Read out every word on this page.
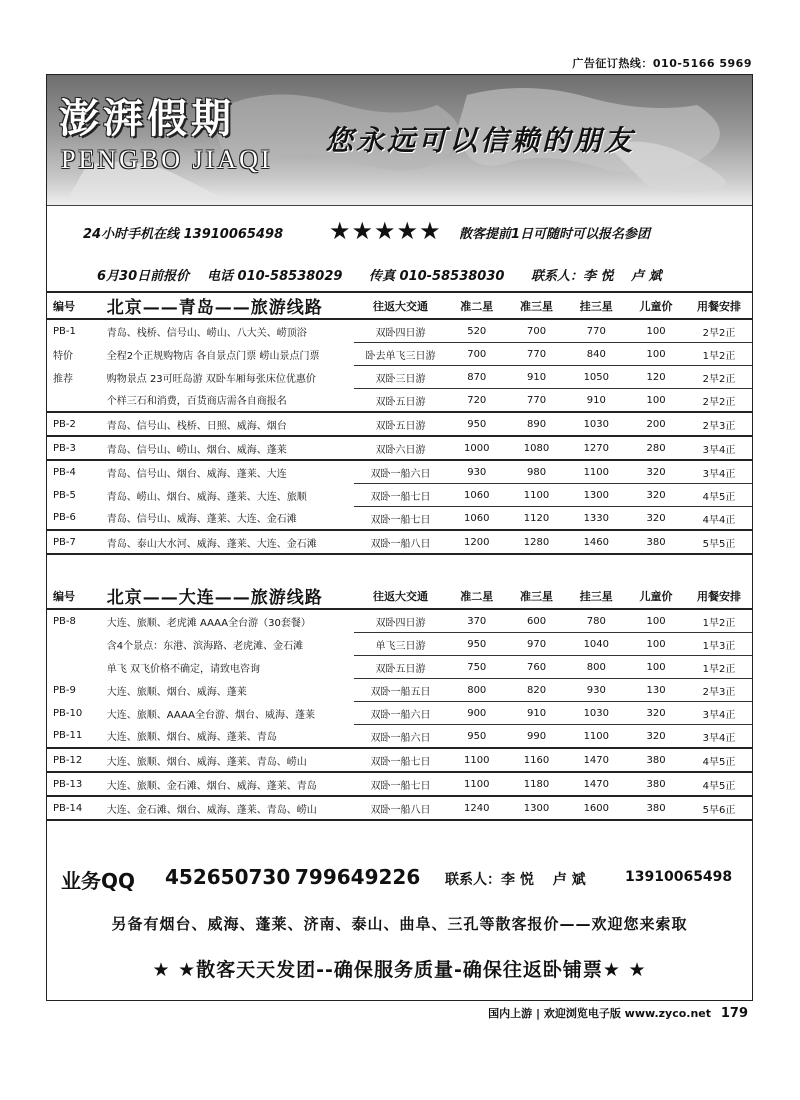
广告征订热线：010-5166 5969
澎湃假期
PENGBO JIAQI
您永远可以信赖的朋友
24小时手机在线 13910065498 ★★★★★ 散客提前1日可随时可以报名参团
6月30日前报价 电话 010-58538029 传真 010-58538030 联系人：李 悦　 卢 斌
编号	北京——青岛——旅游线路	往返大交通	准二星	准三星	挂三星	儿童价	用餐安排
PB-1	青岛、栈桥、信号山、崂山、八大关、崂顶浴	双卧四日游	520	700	770	100	2早2正
特价	全程2个正规购物店 各自景点门票 崂山景点门票	卧去单飞三日游	700	770	840	100	1早2正
推荐	购物景点 23可旺岛游 双卧车厢每张床位优惠价	双卧三日游	870	910	1050	120	2早2正
	个样三石和消费，百货商店需各自商报名	双卧五日游	720	770	910	100	2早2正
PB-2	青岛、信号山、栈桥、日照、威海、烟台	双卧五日游	950	890	1030	200	2早3正
PB-3	青岛、信号山、崂山、烟台、威海、蓬莱	双卧六日游	1000	1080	1270	280	3早4正
PB-4	青岛、信号山、烟台、威海、蓬莱、大连	双卧一船六日	930	980	1100	320	3早4正
PB-5	青岛、崂山、烟台、威海、蓬莱、大连、旅顺	双卧一船七日	1060	1100	1300	320	4早5正
PB-6	青岛、信号山、威海、蓬莱、大连、金石滩	双卧一船七日	1060	1120	1330	320	4早4正
PB-7	青岛、泰山大水河、威海、蓬莱、大连、金石滩	双卧一船八日	1200	1280	1460	380	5早5正
编号	北京——大连——旅游线路	往返大交通	准二星	准三星	挂三星	儿童价	用餐安排
PB-8	大连、旅顺、老虎滩 AAAA全台游（30套餐）	双卧四日游	370	600	780	100	1早2正
	含4个景点：东港、滨海路、老虎滩、金石滩	单飞三日游	950	970	1040	100	1早3正
	单飞 双飞价格不确定，请致电咨询	双卧五日游	750	760	800	100	1早2正
PB-9	大连、旅顺、烟台、威海、蓬莱	双卧一船五日	800	820	930	130	2早3正
PB-10	大连、旅顺、AAAA全台游、烟台、威海、蓬莱	双卧一船六日	900	910	1030	320	3早4正
PB-11	大连、旅顺、烟台、威海、蓬莱、青岛	双卧一船六日	950	990	1100	320	3早4正
PB-12	大连、旅顺、烟台、威海、蓬莱、青岛、崂山	双卧一船七日	1100	1160	1470	380	4早5正
PB-13	大连、旅顺、金石滩、烟台、威海、蓬莱、青岛	双卧一船七日	1100	1180	1470	380	4早5正
PB-14	大连、金石滩、烟台、威海、蓬莱、青岛、崂山	双卧一船八日	1240	1300	1600	380	5早6正
业务QQ 452650730 799649226 联系人：李 悦　 卢 斌	13910065498
另备有烟台、威海、蓬莱、济南、泰山、曲阜、三孔等散客报价——欢迎您来索取
★ ★散客天天发团--确保服务质量-确保往返卧铺票★ ★
国内上游 | 欢迎浏览电子版 www.zyco.net 179
